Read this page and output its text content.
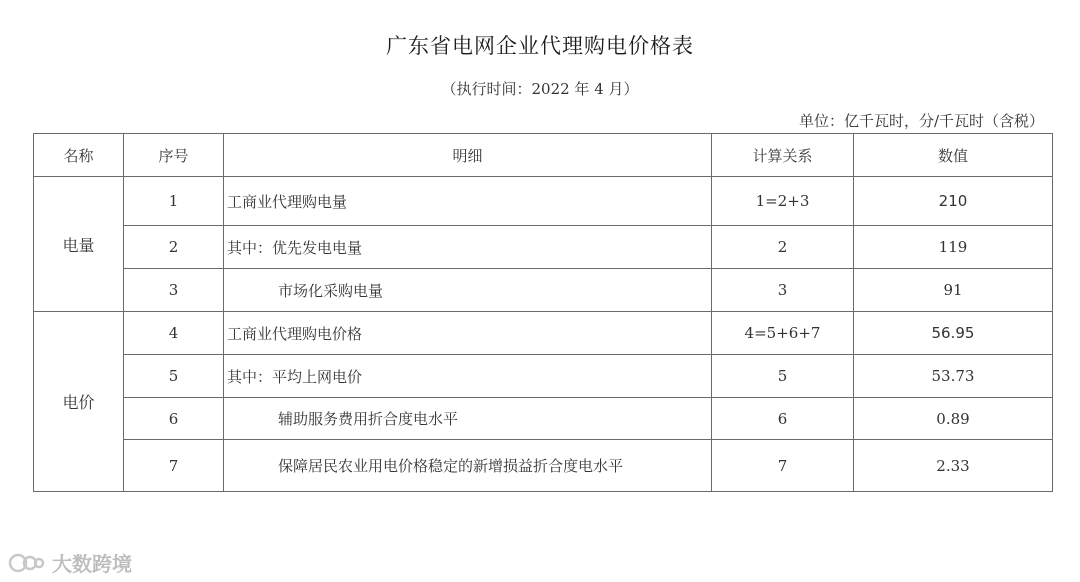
广东省电网企业代理购电价格表
（执行时间：2022 年 4 月）
单位：亿千瓦时，分/千瓦时（含税）
名称	序号	明细	计算关系	数值
电量	1	工商业代理购电量	1=2+3	210
	2	其中：优先发电电量	2	119
	3	市场化采购电量	3	91
电价	4	工商业代理购电价格	4=5+6+7	56.95
	5	其中：平均上网电价	5	53.73
	6	辅助服务费用折合度电水平	6	0.89
	7	保障居民农业用电价格稳定的新增损益折合度电水平	7	2.33
大数跨境
